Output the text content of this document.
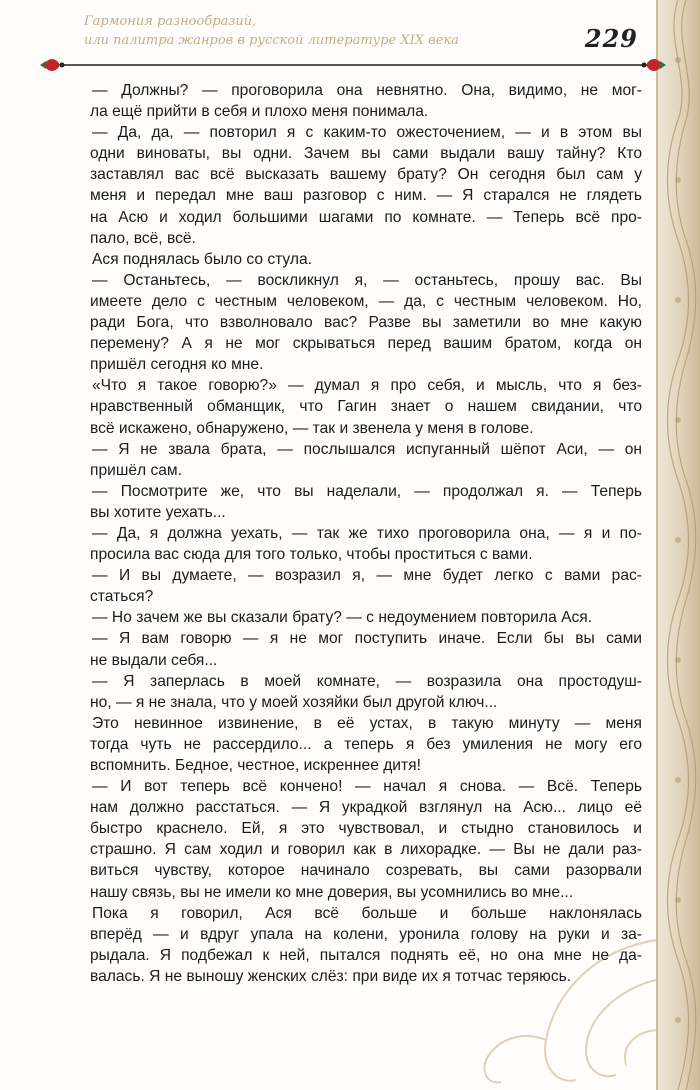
Гармония разнообразий,
или палитра жанров в русской литературе XIX века	229

— Должны? — проговорила она невнятно. Она, видимо, не мог-
ла ещё прийти в себя и плохо меня понимала.

— Да, да, — повторил я с каким-то ожесточением, — и в этом вы
одни виноваты, вы одни. Зачем вы сами выдали вашу тайну? Кто
заставлял вас всё высказать вашему брату? Он сегодня был сам у
меня и передал мне ваш разговор с ним. — Я старался не глядеть
на Асю и ходил большими шагами по комнате. — Теперь всё про-
пало, всё, всё.

Ася поднялась было со стула.

— Останьтесь, — воскликнул я, — останьтесь, прошу вас. Вы
имеете дело с честным человеком, — да, с честным человеком. Но,
ради Бога, что взволновало вас? Разве вы заметили во мне какую
перемену? А я не мог скрываться перед вашим братом, когда он
пришёл сегодня ко мне.

«Что я такое говорю?» — думал я про себя, и мысль, что я без-
нравственный обманщик, что Гагин знает о нашем свидании, что
всё искажено, обнаружено, — так и звенела у меня в голове.

— Я не звала брата, — послышался испуганный шёпот Аси, — он
пришёл сам.

— Посмотрите же, что вы наделали, — продолжал я. — Теперь
вы хотите уехать...

— Да, я должна уехать, — так же тихо проговорила она, — я и по-
просила вас сюда для того только, чтобы проститься с вами.

— И вы думаете, — возразил я, — мне будет легко с вами рас-
статься?

— Но зачем же вы сказали брату? — с недоумением повторила Ася.

— Я вам говорю — я не мог поступить иначе. Если бы вы сами
не выдали себя...

— Я заперлась в моей комнате, — возразила она простодуш-
но, — я не знала, что у моей хозяйки был другой ключ...

Это невинное извинение, в её устах, в такую минуту — меня
тогда чуть не рассердило... а теперь я без умиления не могу его
вспомнить. Бедное, честное, искреннее дитя!

— И вот теперь всё кончено! — начал я снова. — Всё. Теперь
нам должно расстаться. — Я украдкой взглянул на Асю... лицо её
быстро краснело. Ей, я это чувствовал, и стыдно становилось и
страшно. Я сам ходил и говорил как в лихорадке. — Вы не дали раз-
виться чувству, которое начинало созревать, вы сами разорвали
нашу связь, вы не имели ко мне доверия, вы усомнились во мне...

Пока я говорил, Ася всё больше и больше наклонялась
вперёд — и вдруг упала на колени, уронила голову на руки и за-
рыдала. Я подбежал к ней, пытался поднять её, но она мне не да-
валась. Я не выношу женских слёз: при виде их я тотчас теряюсь.
